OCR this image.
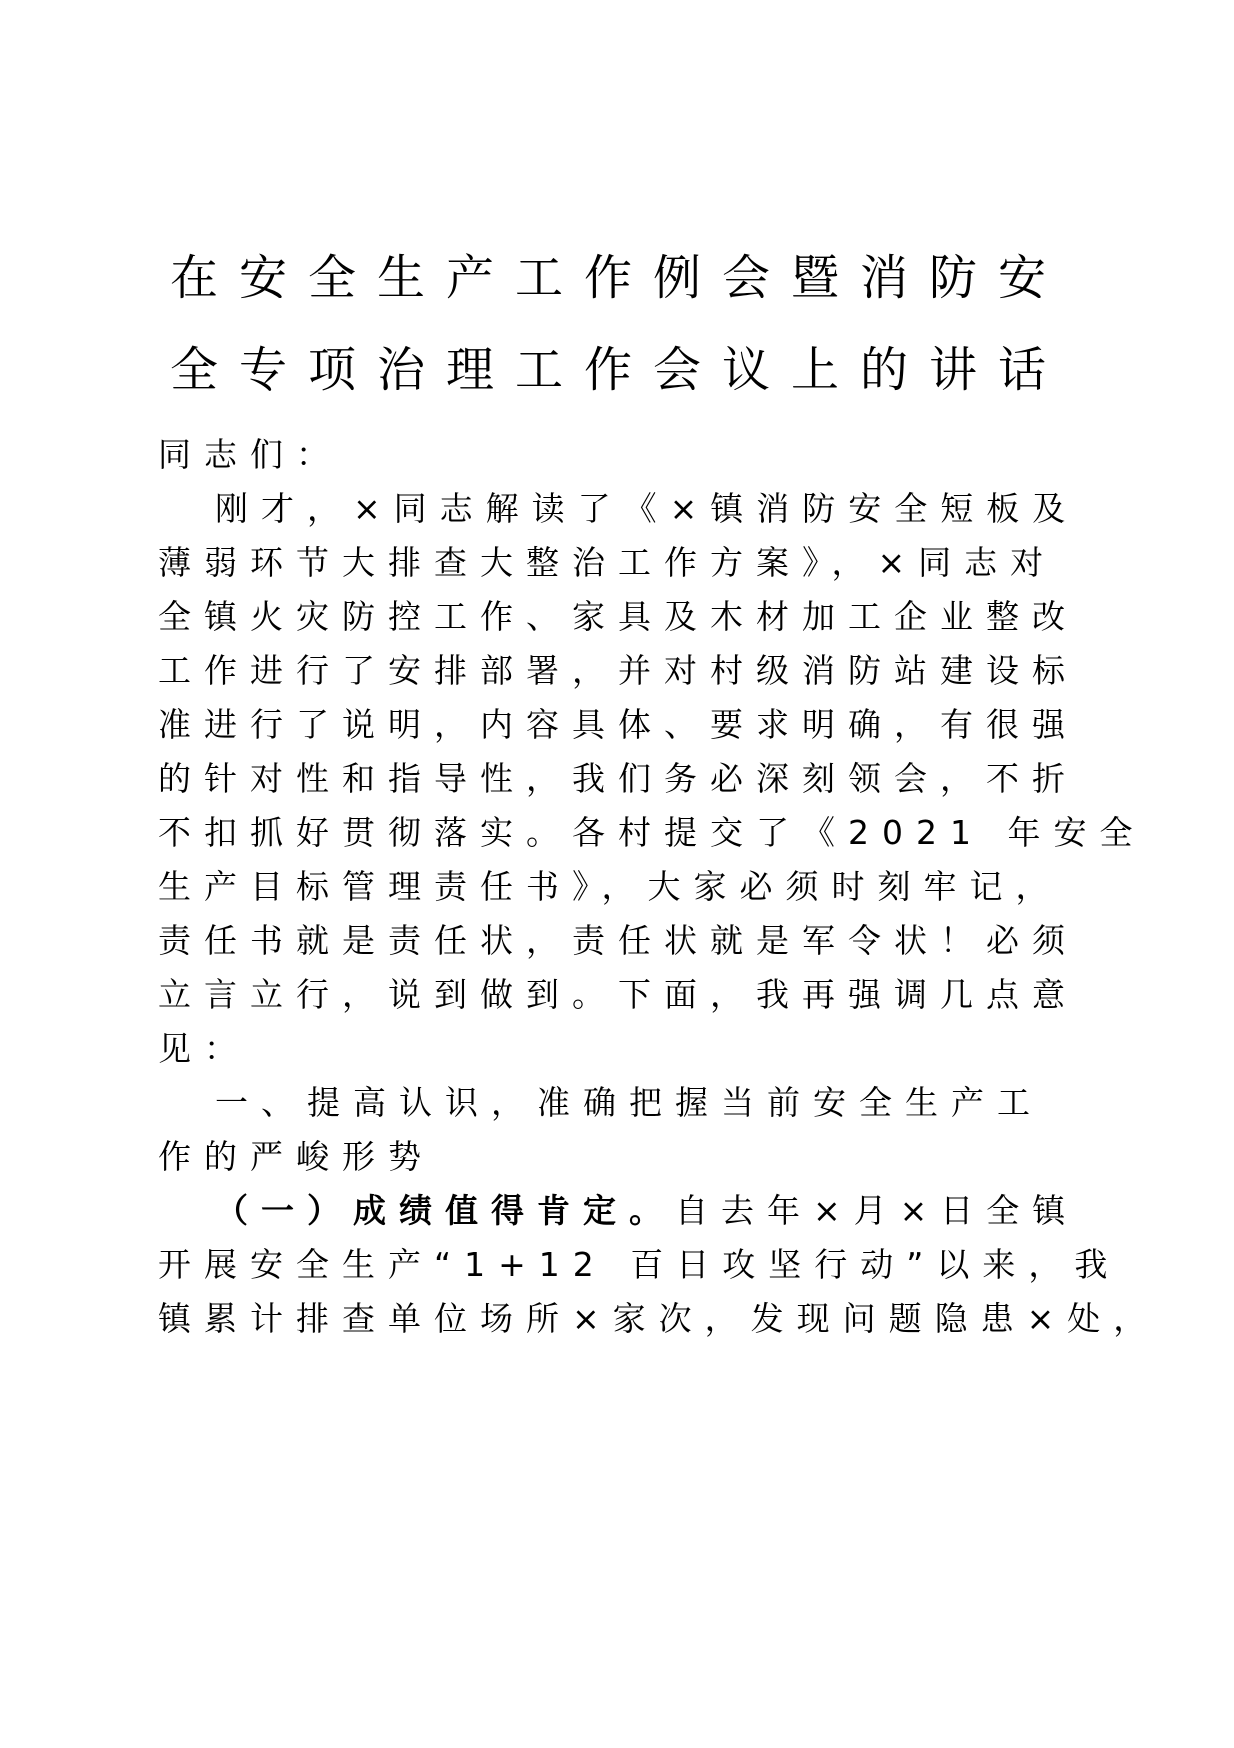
在安全生产工作例会暨消防安
全专项治理工作会议上的讲话

同志们：

刚才，×同志解读了《×镇消防安全短板及

薄弱环节大排查大整治工作方案》，×同志对

全镇火灾防控工作、家具及木材加工企业整改

工作进行了安排部署，并对村级消防站建设标

准进行了说明，内容具体、要求明确，有很强

的针对性和指导性，我们务必深刻领会，不折

不扣抓好贯彻落实。各村提交了《2021 年安全

生产目标管理责任书》，大家必须时刻牢记，

责任书就是责任状，责任状就是军令状！必须

立言立行，说到做到。下面，我再强调几点意

见：

一、提高认识，准确把握当前安全生产工

作的严峻形势

（一）成绩值得肯定。自去年×月×日全镇

开展安全生产“1+12 百日攻坚行动”以来，我

镇累计排查单位场所×家次，发现问题隐患×处，
